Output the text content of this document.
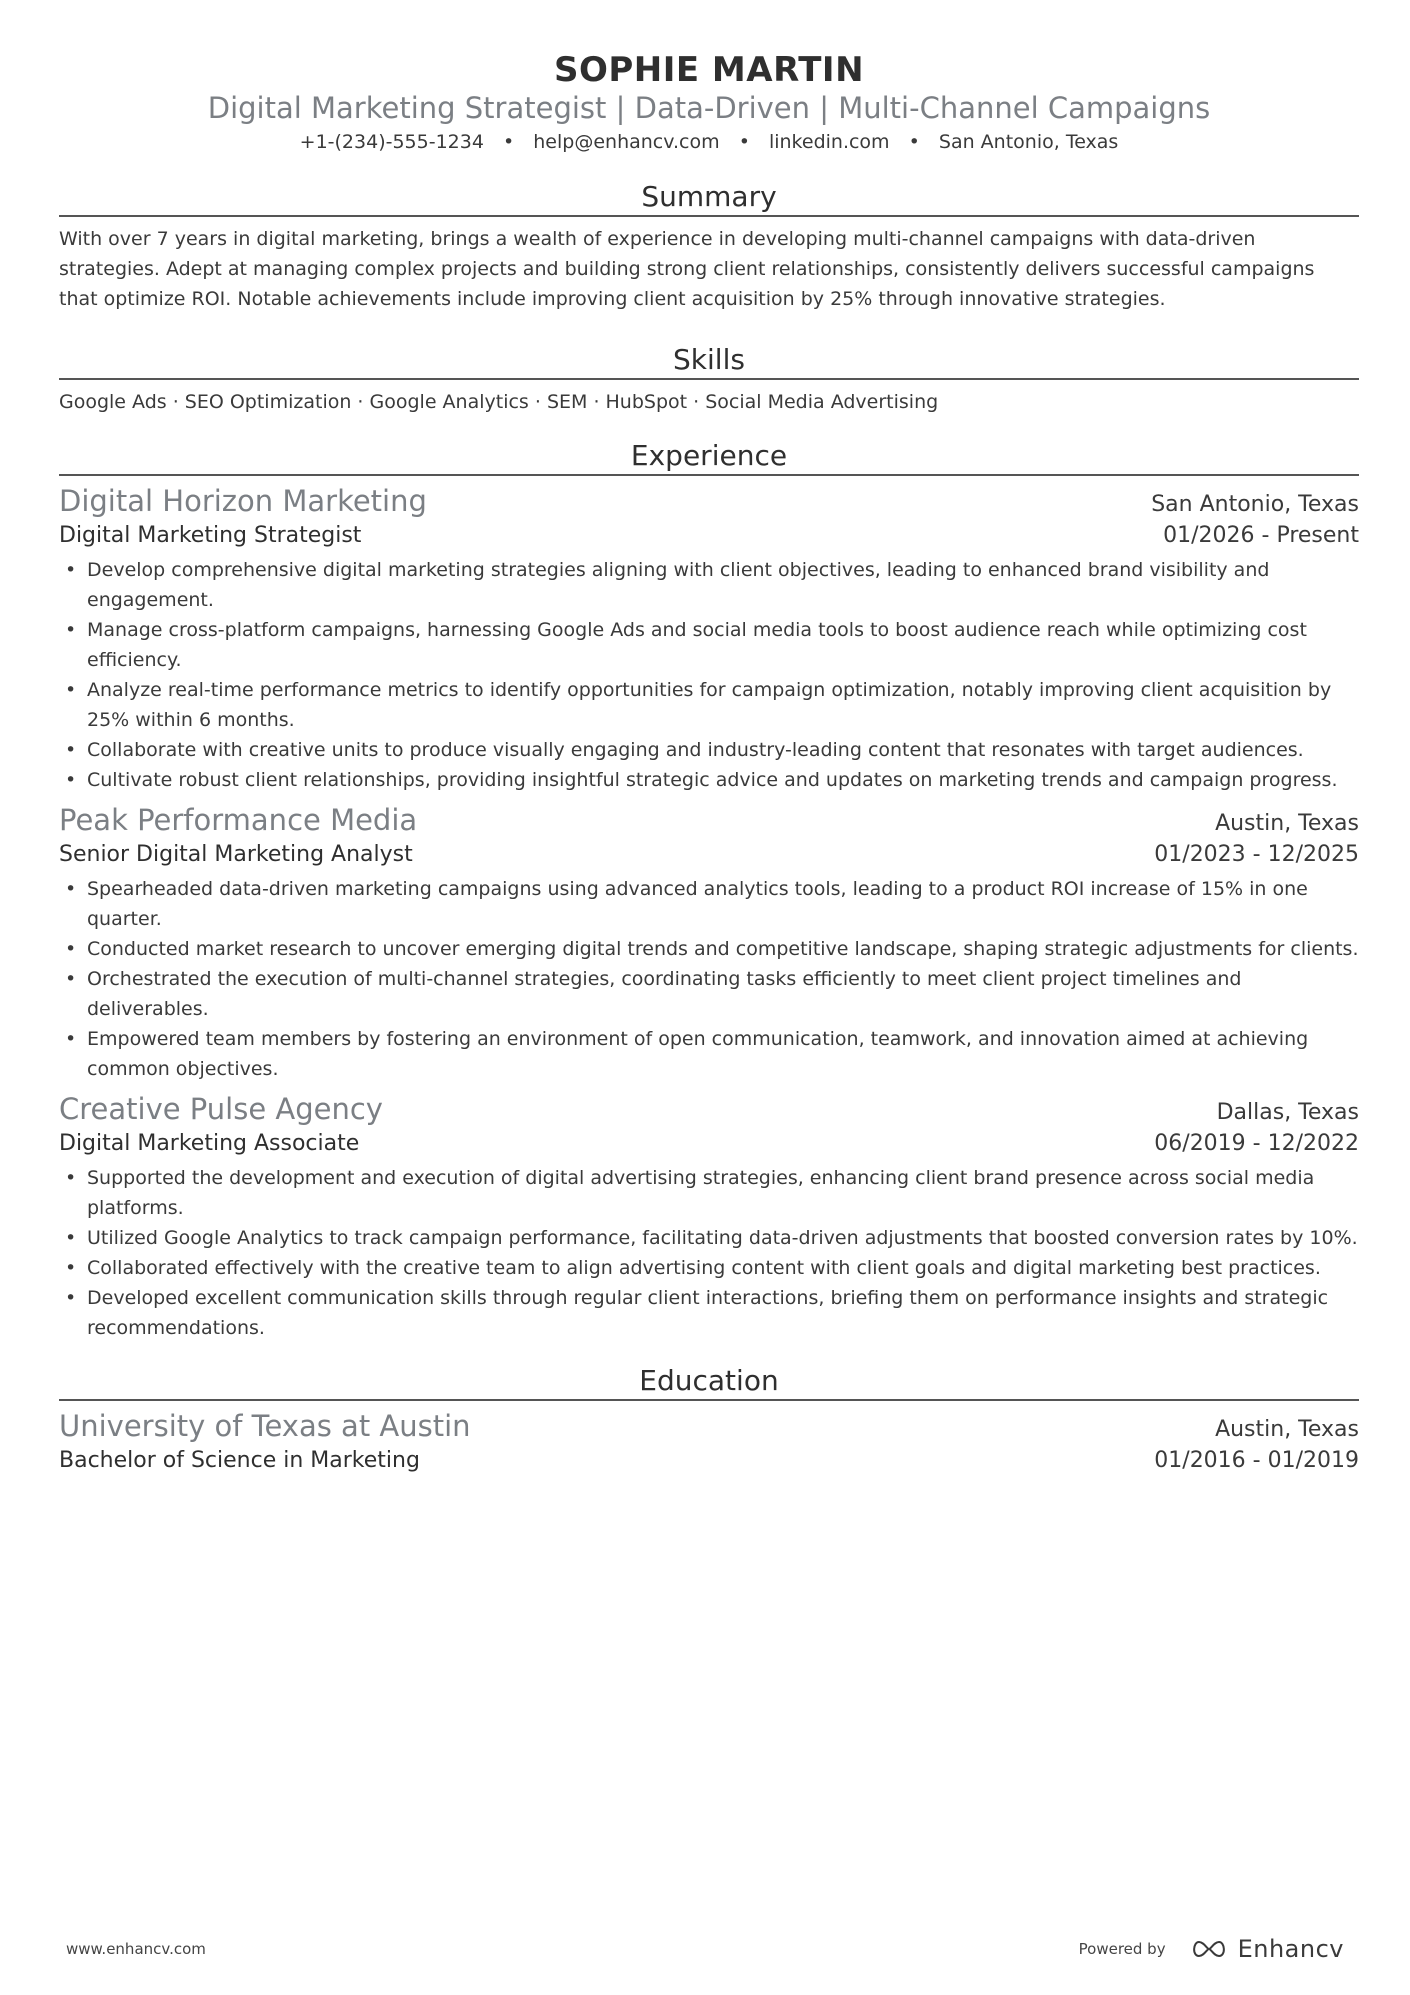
SOPHIE MARTIN
Digital Marketing Strategist | Data-Driven | Multi-Channel Campaigns
+1-(234)-555-1234 • help@enhancv.com • linkedin.com • San Antonio, Texas
Summary
With over 7 years in digital marketing, brings a wealth of experience in developing multi-channel campaigns with data-driven strategies. Adept at managing complex projects and building strong client relationships, consistently delivers successful campaigns that optimize ROI. Notable achievements include improving client acquisition by 25% through innovative strategies.
Skills
Google Ads · SEO Optimization · Google Analytics · SEM · HubSpot · Social Media Advertising
Experience
Digital Horizon Marketing	San Antonio, Texas
Digital Marketing Strategist	01/2026 - Present
• Develop comprehensive digital marketing strategies aligning with client objectives, leading to enhanced brand visibility and engagement.
• Manage cross-platform campaigns, harnessing Google Ads and social media tools to boost audience reach while optimizing cost efficiency.
• Analyze real-time performance metrics to identify opportunities for campaign optimization, notably improving client acquisition by 25% within 6 months.
• Collaborate with creative units to produce visually engaging and industry-leading content that resonates with target audiences.
• Cultivate robust client relationships, providing insightful strategic advice and updates on marketing trends and campaign progress.
Peak Performance Media	Austin, Texas
Senior Digital Marketing Analyst	01/2023 - 12/2025
• Spearheaded data-driven marketing campaigns using advanced analytics tools, leading to a product ROI increase of 15% in one quarter.
• Conducted market research to uncover emerging digital trends and competitive landscape, shaping strategic adjustments for clients.
• Orchestrated the execution of multi-channel strategies, coordinating tasks efficiently to meet client project timelines and deliverables.
• Empowered team members by fostering an environment of open communication, teamwork, and innovation aimed at achieving common objectives.
Creative Pulse Agency	Dallas, Texas
Digital Marketing Associate	06/2019 - 12/2022
• Supported the development and execution of digital advertising strategies, enhancing client brand presence across social media platforms.
• Utilized Google Analytics to track campaign performance, facilitating data-driven adjustments that boosted conversion rates by 10%.
• Collaborated effectively with the creative team to align advertising content with client goals and digital marketing best practices.
• Developed excellent communication skills through regular client interactions, briefing them on performance insights and strategic recommendations.
Education
University of Texas at Austin	Austin, Texas
Bachelor of Science in Marketing	01/2016 - 01/2019
www.enhancv.com	Powered by	Enhancv
